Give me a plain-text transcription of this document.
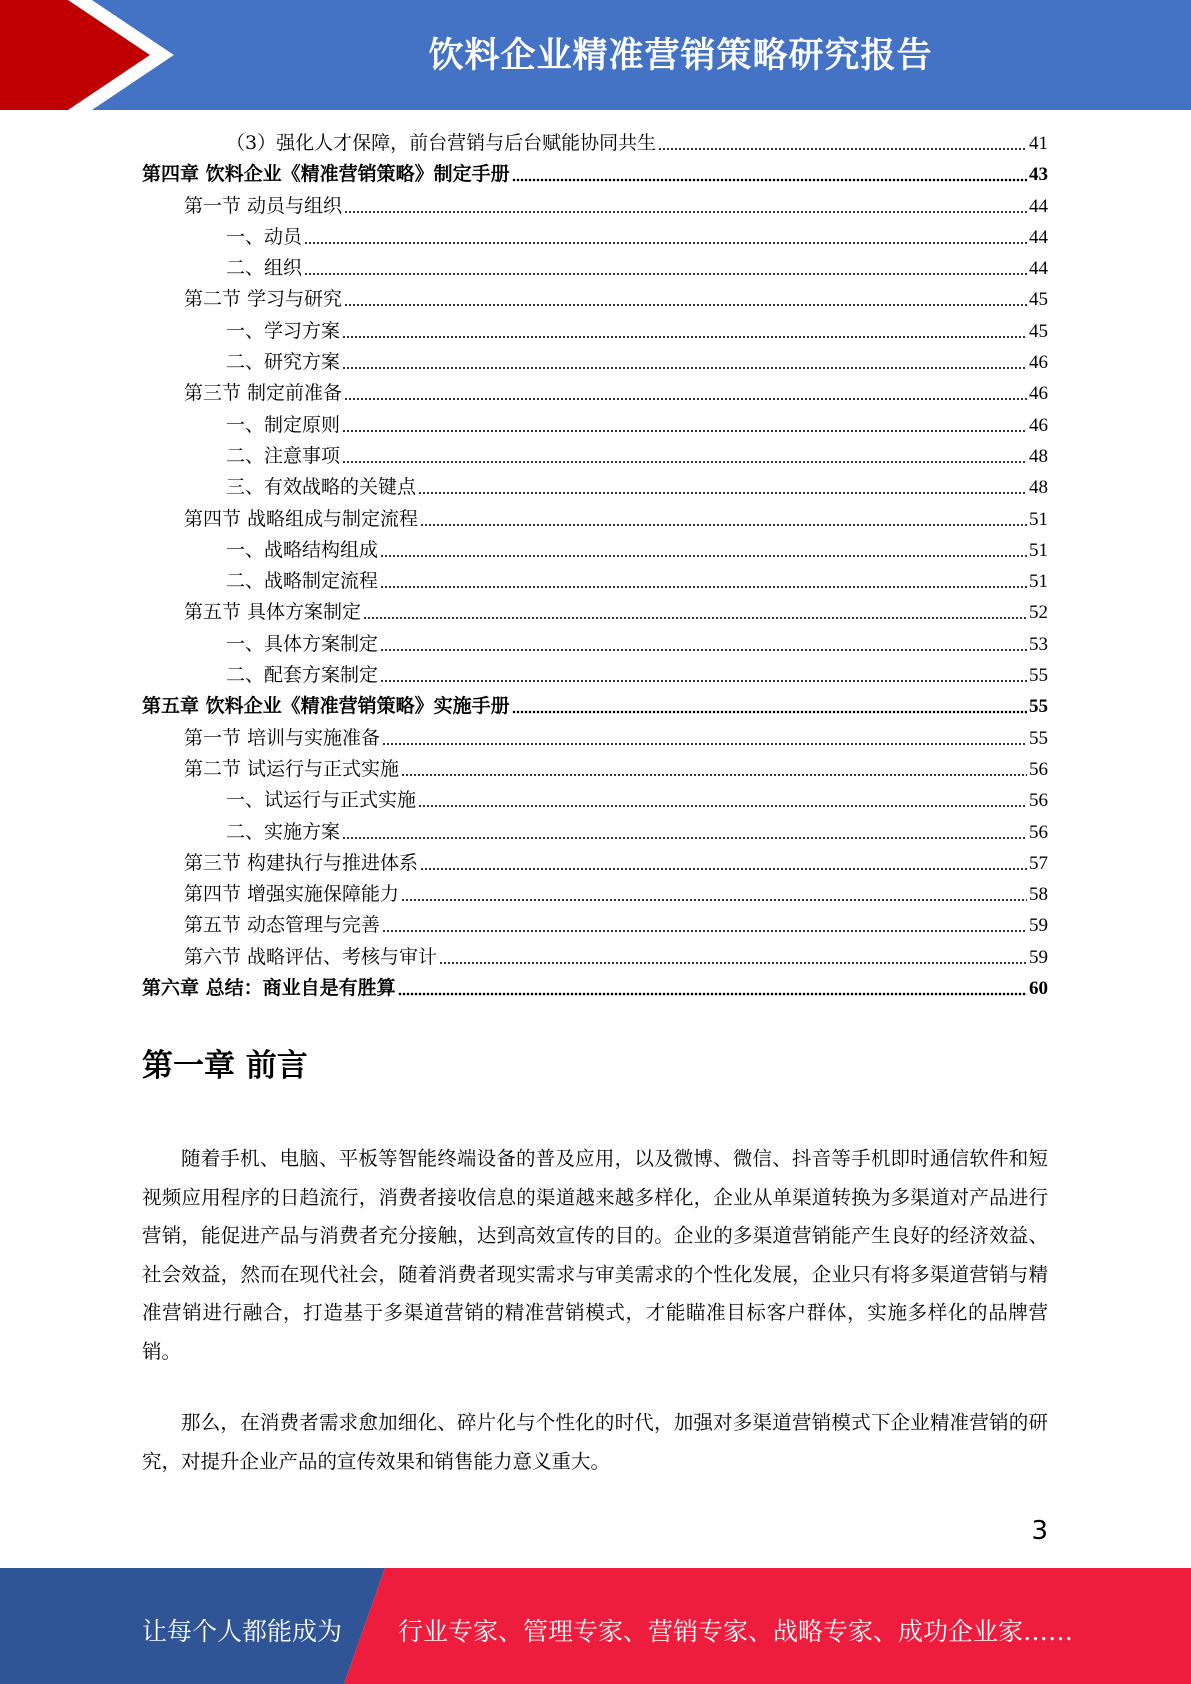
饮料企业精准营销策略研究报告
（3）强化人才保障，前台营销与后台赋能协同共生	41
第四章 饮料企业《精准营销策略》制定手册	43
第一节 动员与组织	44
一、动员	44
二、组织	44
第二节 学习与研究	45
一、学习方案	45
二、研究方案	46
第三节 制定前准备	46
一、制定原则	46
二、注意事项	48
三、有效战略的关键点	48
第四节 战略组成与制定流程	51
一、战略结构组成	51
二、战略制定流程	51
第五节 具体方案制定	52
一、具体方案制定	53
二、配套方案制定	55
第五章 饮料企业《精准营销策略》实施手册	55
第一节 培训与实施准备	55
第二节 试运行与正式实施	56
一、试运行与正式实施	56
二、实施方案	56
第三节 构建执行与推进体系	57
第四节 增强实施保障能力	58
第五节 动态管理与完善	59
第六节 战略评估、考核与审计	59
第六章 总结：商业自是有胜算	60
第一章 前言

随着手机、电脑、平板等智能终端设备的普及应用，以及微博、微信、抖音等手机即时通信软件和短视频应用程序的日趋流行，消费者接收信息的渠道越来越多样化，企业从单渠道转换为多渠道对产品进行营销，能促进产品与消费者充分接触，达到高效宣传的目的。企业的多渠道营销能产生良好的经济效益、社会效益，然而在现代社会，随着消费者现实需求与审美需求的个性化发展，企业只有将多渠道营销与精准营销进行融合，打造基于多渠道营销的精准营销模式，才能瞄准目标客户群体，实施多样化的品牌营销。

那么，在消费者需求愈加细化、碎片化与个性化的时代，加强对多渠道营销模式下企业精准营销的研究，对提升企业产品的宣传效果和销售能力意义重大。

3
让每个人都能成为 行业专家、管理专家、营销专家、战略专家、成功企业家……
